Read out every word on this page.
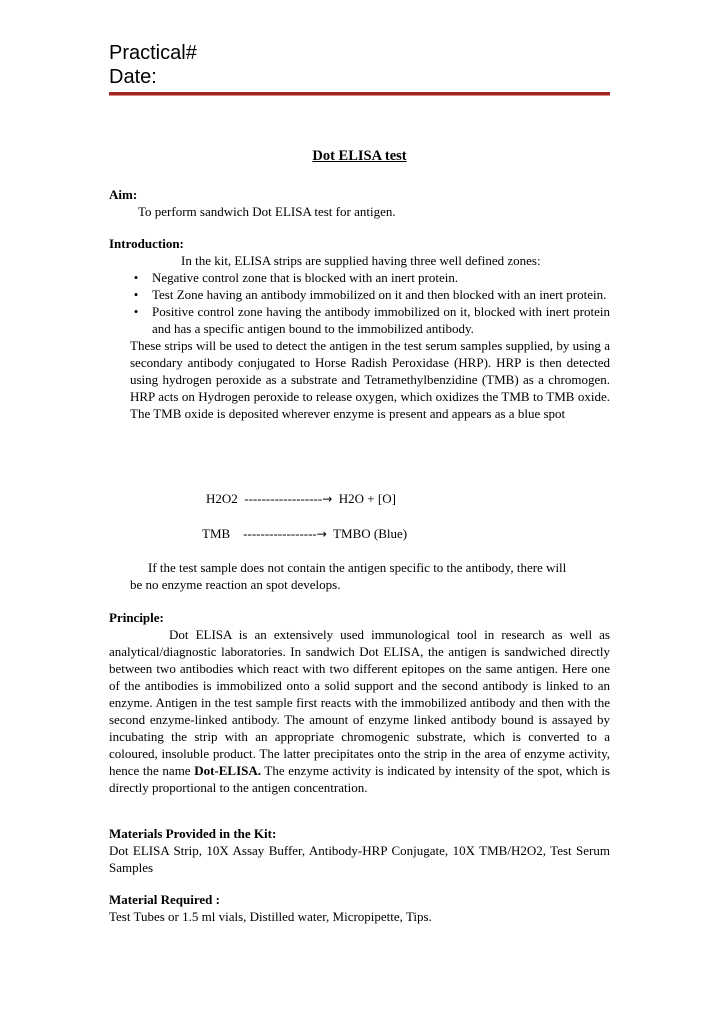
Practical#
Date:
Dot ELISA test
Aim:
To perform sandwich Dot ELISA test for antigen.
Introduction:
In the kit, ELISA strips are supplied having three well defined zones:
•	Negative control zone that is blocked with an inert protein.
•	Test Zone having an antibody immobilized on it and then blocked with an inert protein.
•	Positive control zone having the antibody immobilized on it, blocked with inert protein and has a specific antigen bound to the immobilized antibody.
These strips will be used to detect the antigen in the test serum samples supplied, by using a secondary antibody conjugated to Horse Radish Peroxidase (HRP). HRP is then detected using hydrogen peroxide as a substrate and Tetramethylbenzidine (TMB) as a chromogen. HRP acts on Hydrogen peroxide to release oxygen, which oxidizes the TMB to TMB oxide. The TMB oxide is deposited wherever enzyme is present and appears as a blue spot
H2O2  ------------------→  H2O + [O]
TMB    -----------------→  TMBO (Blue)
If the test sample does not contain the antigen specific to the antibody, there will
be no enzyme reaction an spot develops.
Principle:
Dot ELISA is an extensively used immunological tool in research as well as analytical/diagnostic laboratories. In sandwich Dot ELISA, the antigen is sandwiched directly between two antibodies which react with two different epitopes on the same antigen. Here one of the antibodies is immobilized onto a solid support and the second antibody is linked to an enzyme. Antigen in the test sample first reacts with the immobilized antibody and then with the second enzyme-linked antibody. The amount of enzyme linked antibody bound is assayed by incubating the strip with an appropriate chromogenic substrate, which is converted to a coloured, insoluble product. The latter precipitates onto the strip in the area of enzyme activity, hence the name Dot-ELISA. The enzyme activity is indicated by intensity of the spot, which is directly proportional to the antigen concentration.
Materials Provided in the Kit:
Dot ELISA Strip, 10X Assay Buffer, Antibody-HRP Conjugate, 10X TMB/H2O2, Test Serum Samples
Material Required :
Test Tubes or 1.5 ml vials, Distilled water, Micropipette, Tips.
